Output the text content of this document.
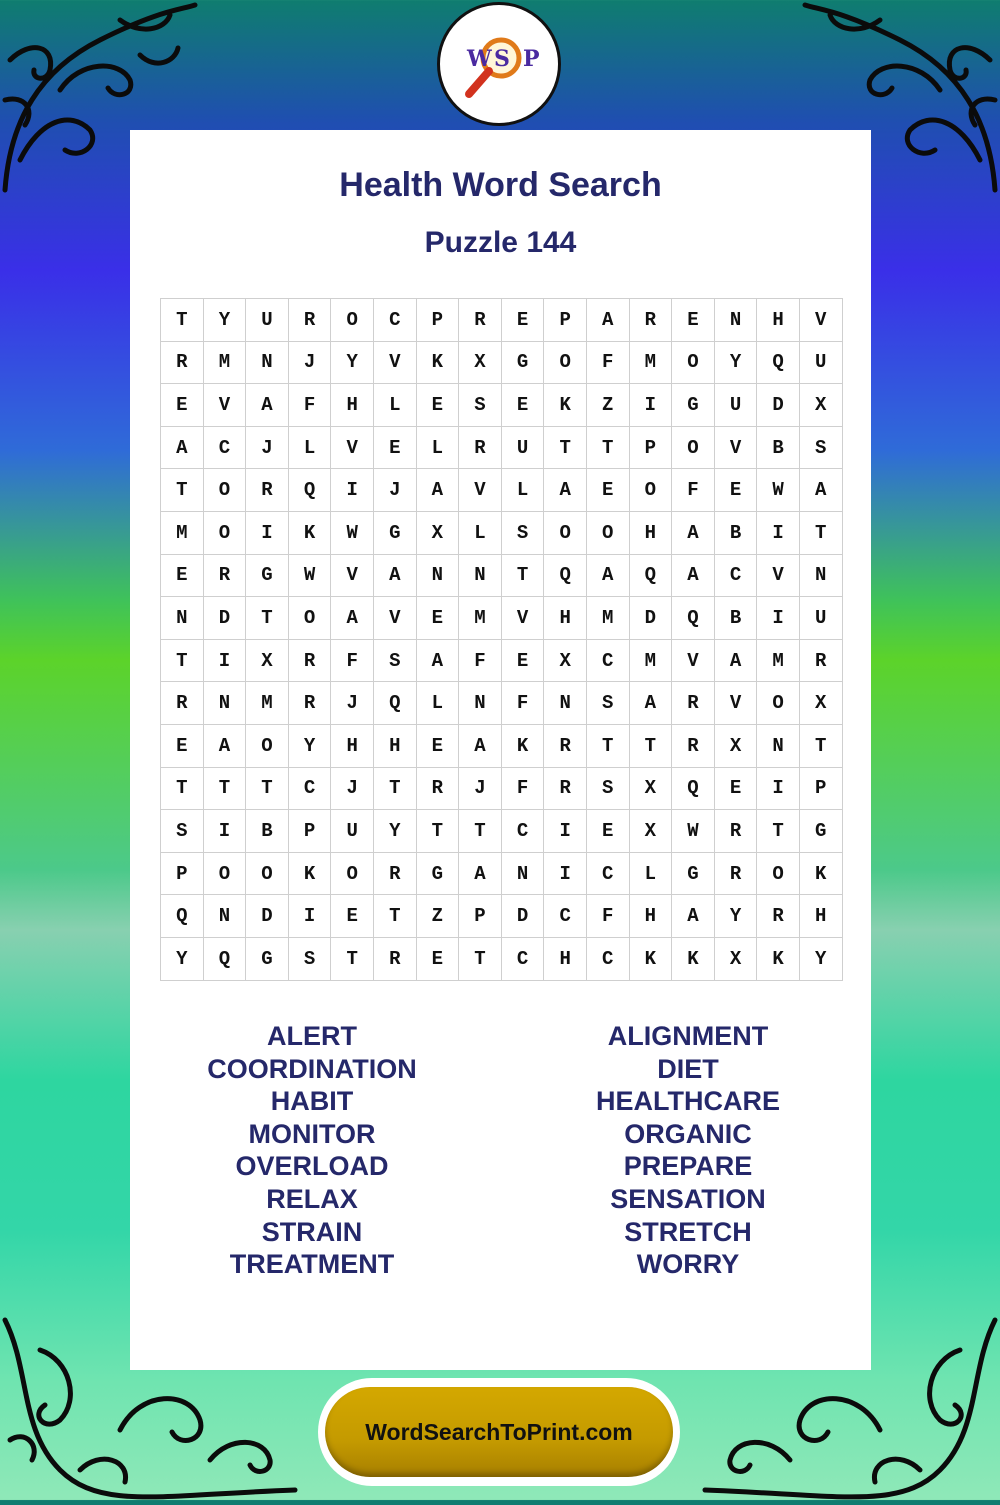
W S P
Health Word Search
Puzzle 144
T	Y	U	R	O	C	P	R	E	P	A	R	E	N	H	V
R	M	N	J	Y	V	K	X	G	O	F	M	O	Y	Q	U
E	V	A	F	H	L	E	S	E	K	Z	I	G	U	D	X
A	C	J	L	V	E	L	R	U	T	T	P	O	V	B	S
T	O	R	Q	I	J	A	V	L	A	E	O	F	E	W	A
M	O	I	K	W	G	X	L	S	O	O	H	A	B	I	T
E	R	G	W	V	A	N	N	T	Q	A	Q	A	C	V	N
N	D	T	O	A	V	E	M	V	H	M	D	Q	B	I	U
T	I	X	R	F	S	A	F	E	X	C	M	V	A	M	R
R	N	M	R	J	Q	L	N	F	N	S	A	R	V	O	X
E	A	O	Y	H	H	E	A	K	R	T	T	R	X	N	T
T	T	T	C	J	T	R	J	F	R	S	X	Q	E	I	P
S	I	B	P	U	Y	T	T	C	I	E	X	W	R	T	G
P	O	O	K	O	R	G	A	N	I	C	L	G	R	O	K
Q	N	D	I	E	T	Z	P	D	C	F	H	A	Y	R	H
Y	Q	G	S	T	R	E	T	C	H	C	K	K	X	K	Y
ALERT
COORDINATION
HABIT
MONITOR
OVERLOAD
RELAX
STRAIN
TREATMENT
ALIGNMENT
DIET
HEALTHCARE
ORGANIC
PREPARE
SENSATION
STRETCH
WORRY
WordSearchToPrint.com
